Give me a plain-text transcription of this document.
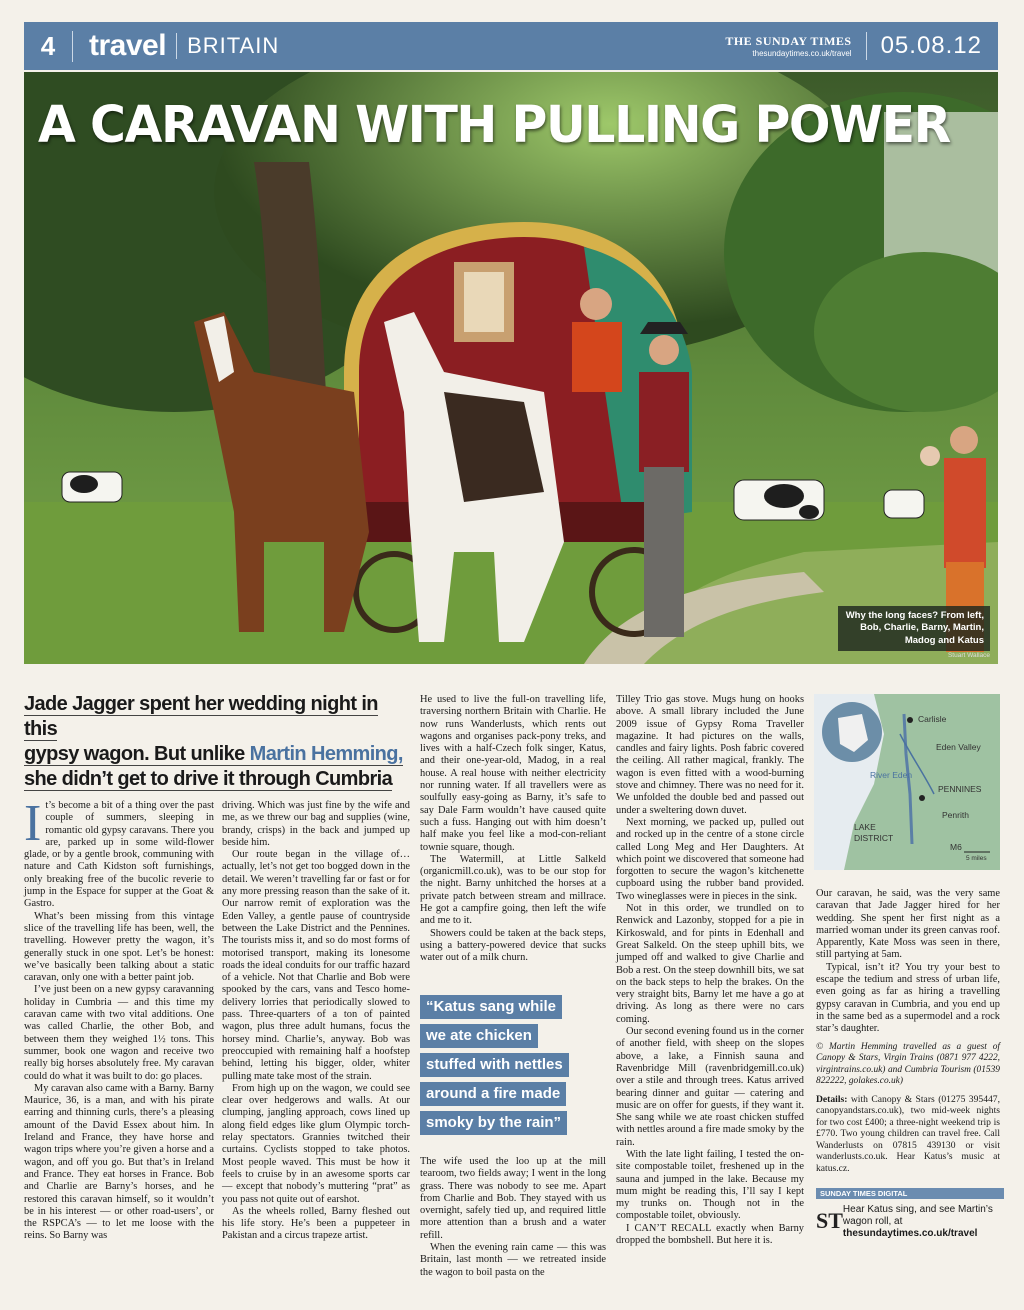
4	travel BRITAIN	THE SUNDAY TIMES
thesundaytimes.co.uk/travel	05.08.12
A CARAVAN WITH PULLING POWER
Why the long faces? From left, Bob, Charlie, Barny, Martin, Madog and Katus
Stuart Wallace
Jade Jagger spent her wedding night in this
gypsy wagon. But unlike Martin Hemming,
she didn’t get to drive it through Cumbria

It’s become a bit of a thing over the past couple of summers, sleeping in romantic old gypsy caravans. There you are, parked up in some wild-flower glade, or by a gentle brook, communing with nature and Cath Kidston soft furnishings, only breaking free of the bucolic reverie to jump in the Espace for supper at the Goat & Gastro.

What’s been missing from this vintage slice of the travelling life has been, well, the travelling. However pretty the wagon, it’s generally stuck in one spot. Let’s be honest: we’ve basically been talking about a static caravan, only one with a better paint job.

I’ve just been on a new gypsy caravanning holiday in Cumbria — and this time my caravan came with two vital additions. One was called Charlie, the other Bob, and between them they weighed 1½ tons. This summer, book one wagon and receive two really big horses absolutely free. My caravan could do what it was built to do: go places.

My caravan also came with a Barny. Barny Maurice, 36, is a man, and with his pirate earring and thinning curls, there’s a pleasing amount of the David Essex about him. In Ireland and France, they have horse and wagon trips where you’re given a horse and a wagon, and off you go. But that’s in Ireland and France. They eat horses in France. Bob and Charlie are Barny’s horses, and he restored this caravan himself, so it wouldn’t be in his interest — or other road-users’, or the RSPCA’s — to let me loose with the reins. So Barny was

driving. Which was just fine by the wife and me, as we threw our bag and supplies (wine, brandy, crisps) in the back and jumped up beside him.

Our route began in the village of… actually, let’s not get too bogged down in the detail. We weren’t travelling far or fast or for any more pressing reason than the sake of it. Our narrow remit of exploration was the Eden Valley, a gentle pause of countryside between the Lake District and the Pennines. The tourists miss it, and so do most forms of motorised transport, making its lonesome roads the ideal conduits for our traffic hazard of a vehicle. Not that Charlie and Bob were spooked by the cars, vans and Tesco home-delivery lorries that periodically slowed to pass. Three-quarters of a ton of painted wagon, plus three adult humans, focus the horsey mind. Charlie’s, anyway. Bob was preoccupied with remaining half a hoofstep behind, letting his bigger, older, whiter pulling mate take most of the strain.

From high up on the wagon, we could see clear over hedgerows and walls. At our clumping, jangling approach, cows lined up along field edges like glum Olympic torch-relay spectators. Grannies twitched their curtains. Cyclists stopped to take photos. Most people waved. This must be how it feels to cruise by in an awesome sports car — except that nobody’s muttering “prat” as you pass not quite out of earshot.

As the wheels rolled, Barny fleshed out his life story. He’s been a puppeteer in Pakistan and a circus trapeze artist.

He used to live the full-on travelling life, traversing northern Britain with Charlie. He now runs Wanderlusts, which rents out wagons and organises pack-pony treks, and lives with a half-Czech folk singer, Katus, and their one-year-old, Madog, in a real house. A real house with neither electricity nor running water. If all travellers were as soulfully easy-going as Barny, it’s safe to say Dale Farm wouldn’t have caused quite such a fuss. Hanging out with him doesn’t half make you feel like a mod-con-reliant townie square, though.

The Watermill, at Little Salkeld (organicmill.co.uk), was to be our stop for the night. Barny unhitched the horses at a private patch between stream and millrace. He got a campfire going, then left the wife and me to it.

Showers could be taken at the back steps, using a battery-powered device that sucks water out of a milk churn.

“Katus sang while
we ate chicken
stuffed with nettles
around a fire made
smoky by the rain”

The wife used the loo up at the mill tearoom, two fields away; I went in the long grass. There was nobody to see me. Apart from Charlie and Bob. They stayed with us overnight, safely tied up, and required little more attention than a brush and a water refill.

When the evening rain came — this was Britain, last month — we retreated inside the wagon to boil pasta on the

Tilley Trio gas stove. Mugs hung on hooks above. A small library included the June 2009 issue of Gypsy Roma Traveller magazine. It had pictures on the walls, candles and fairy lights. Posh fabric covered the ceiling. All rather magical, frankly. The wagon is even fitted with a wood-burning stove and chimney. There was no need for it. We unfolded the double bed and passed out under a sweltering down duvet.

Next morning, we packed up, pulled out and rocked up in the centre of a stone circle called Long Meg and Her Daughters. At which point we discovered that someone had forgotten to secure the wagon’s kitchenette cupboard using the rubber band provided. Two wineglasses were in pieces in the sink.

Not in this order, we trundled on to Renwick and Lazonby, stopped for a pie in Kirkoswald, and for pints in Edenhall and Great Salkeld. On the steep uphill bits, we jumped off and walked to give Charlie and Bob a rest. On the steep downhill bits, we sat on the back steps to help the brakes. On the very straight bits, Barny let me have a go at driving. As long as there were no cars coming.

Our second evening found us in the corner of another field, with sheep on the slopes above, a lake, a Finnish sauna and Ravenbridge Mill (ravenbridgemill.co.uk) over a stile and through trees. Katus arrived bearing dinner and guitar — catering and music are on offer for guests, if they want it. She sang while we ate roast chicken stuffed with nettles around a fire made smoky by the rain.

With the late light failing, I tested the on-site compostable toilet, freshened up in the sauna and jumped in the lake. Because my mum might be reading this, I’ll say I kept my trunks on. Though not in the compostable toilet, obviously.

I CAN’T RECALL exactly when Barny dropped the bombshell. But here it is.

Carlisle
Eden Valley
River Eden
PENNINES
Penrith
LAKE
DISTRICT
M6
5 miles

Our caravan, he said, was the very same caravan that Jade Jagger hired for her wedding. She spent her first night as a married woman under its green canvas roof. Apparently, Kate Moss was seen in there, still partying at 5am.

Typical, isn’t it? You try your best to escape the tedium and stress of urban life, even going as far as hiring a travelling gypsy caravan in Cumbria, and you end up in the same bed as a supermodel and a rock star’s daughter.

© Martin Hemming travelled as a guest of Canopy & Stars, Virgin Trains (0871 977 4222, virgintrains.co.uk) and Cumbria Tourism (01539 822222, golakes.co.uk)

Details: with Canopy & Stars (01275 395447, canopyandstars.co.uk), two mid-week nights for two cost £400; a three-night weekend trip is £770. Two young children can travel free. Call Wanderlusts on 07815 439130 or visit wanderlusts.co.uk. Hear Katus’s music at katus.cz.

SUNDAY TIMES DIGITAL
ST Hear Katus sing, and see Martin’s wagon roll, at
thesundaytimes.co.uk/travel
